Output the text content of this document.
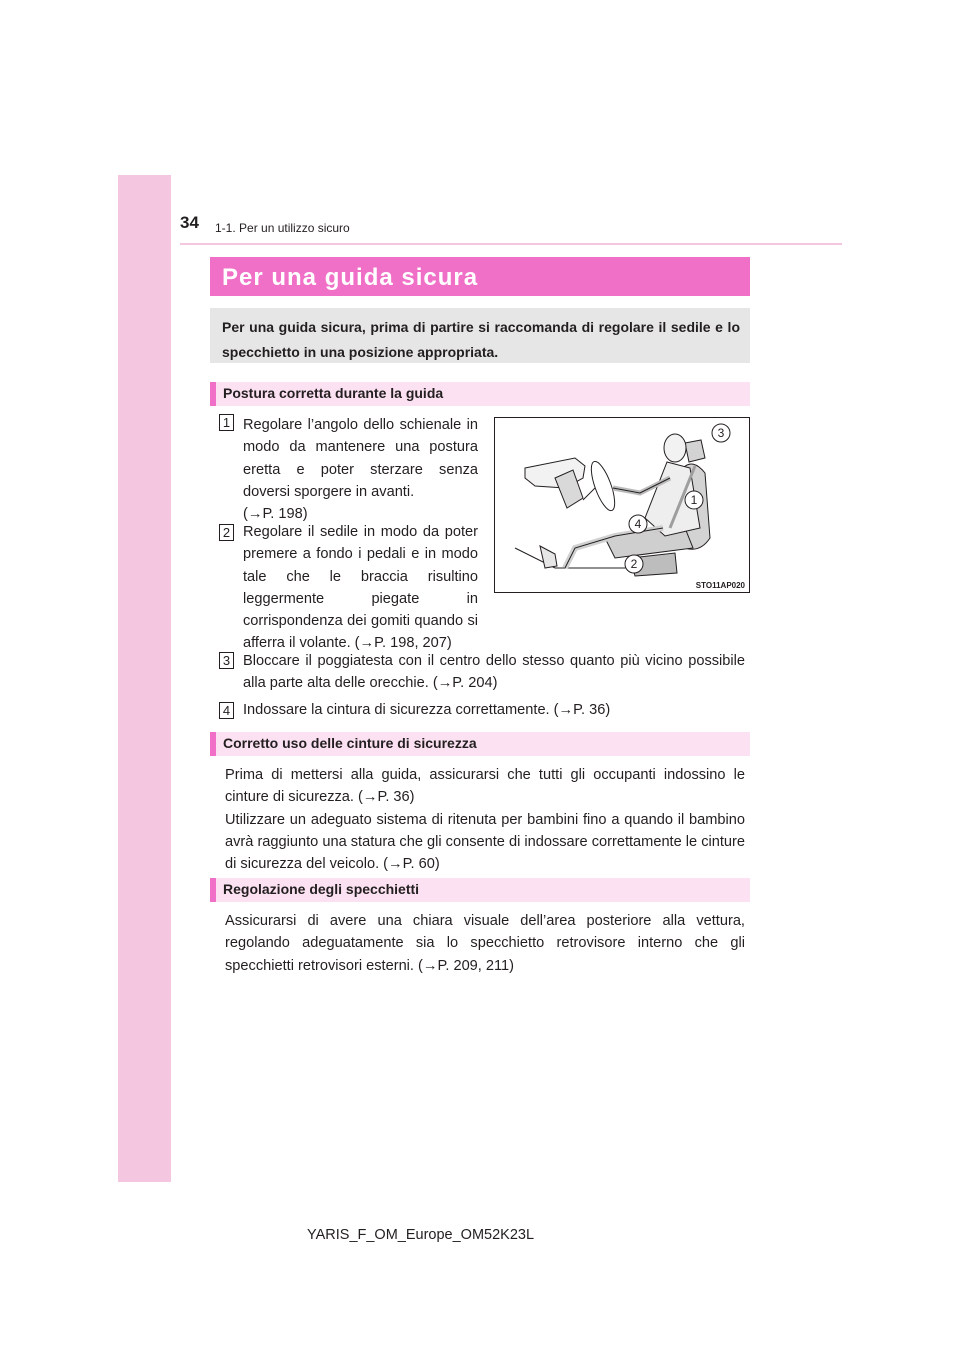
34 1-1. Per un utilizzo sicuro
Per una guida sicura

Per una guida sicura, prima di partire si raccomanda di regolare il sedile e lo specchietto in una posizione appropriata.

Postura corretta durante la guida
1 Regolare l’angolo dello schienale in modo da mantenere una postura eretta e poter sterzare senza doversi sporgere in avanti.
(→P. 198)
2 Regolare il sedile in modo da poter premere a fondo i pedali e in modo tale che le braccia risultino leggermente piegate in corrispondenza dei gomiti quando si afferra il volante. (→P. 198, 207)

3
1
4
2
STO11AP020
3 Bloccare il poggiatesta con il centro dello stesso quanto più vicino possibile alla parte alta delle orecchie. (→P. 204)

4 Indossare la cintura di sicurezza correttamente. (→P. 36)

Corretto uso delle cinture di sicurezza
Prima di mettersi alla guida, assicurarsi che tutti gli occupanti indossino le cinture di sicurezza. (→P. 36)
Utilizzare un adeguato sistema di ritenuta per bambini fino a quando il bambino avrà raggiunto una statura che gli consente di indossare correttamente le cinture di sicurezza del veicolo. (→P. 60)
Regolazione degli specchietti

Assicurarsi di avere una chiara visuale dell’area posteriore alla vettura, regolando adeguatamente sia lo specchietto retrovisore interno che gli specchietti retrovisori esterni. (→P. 209, 211)

YARIS_F_OM_Europe_OM52K23L
